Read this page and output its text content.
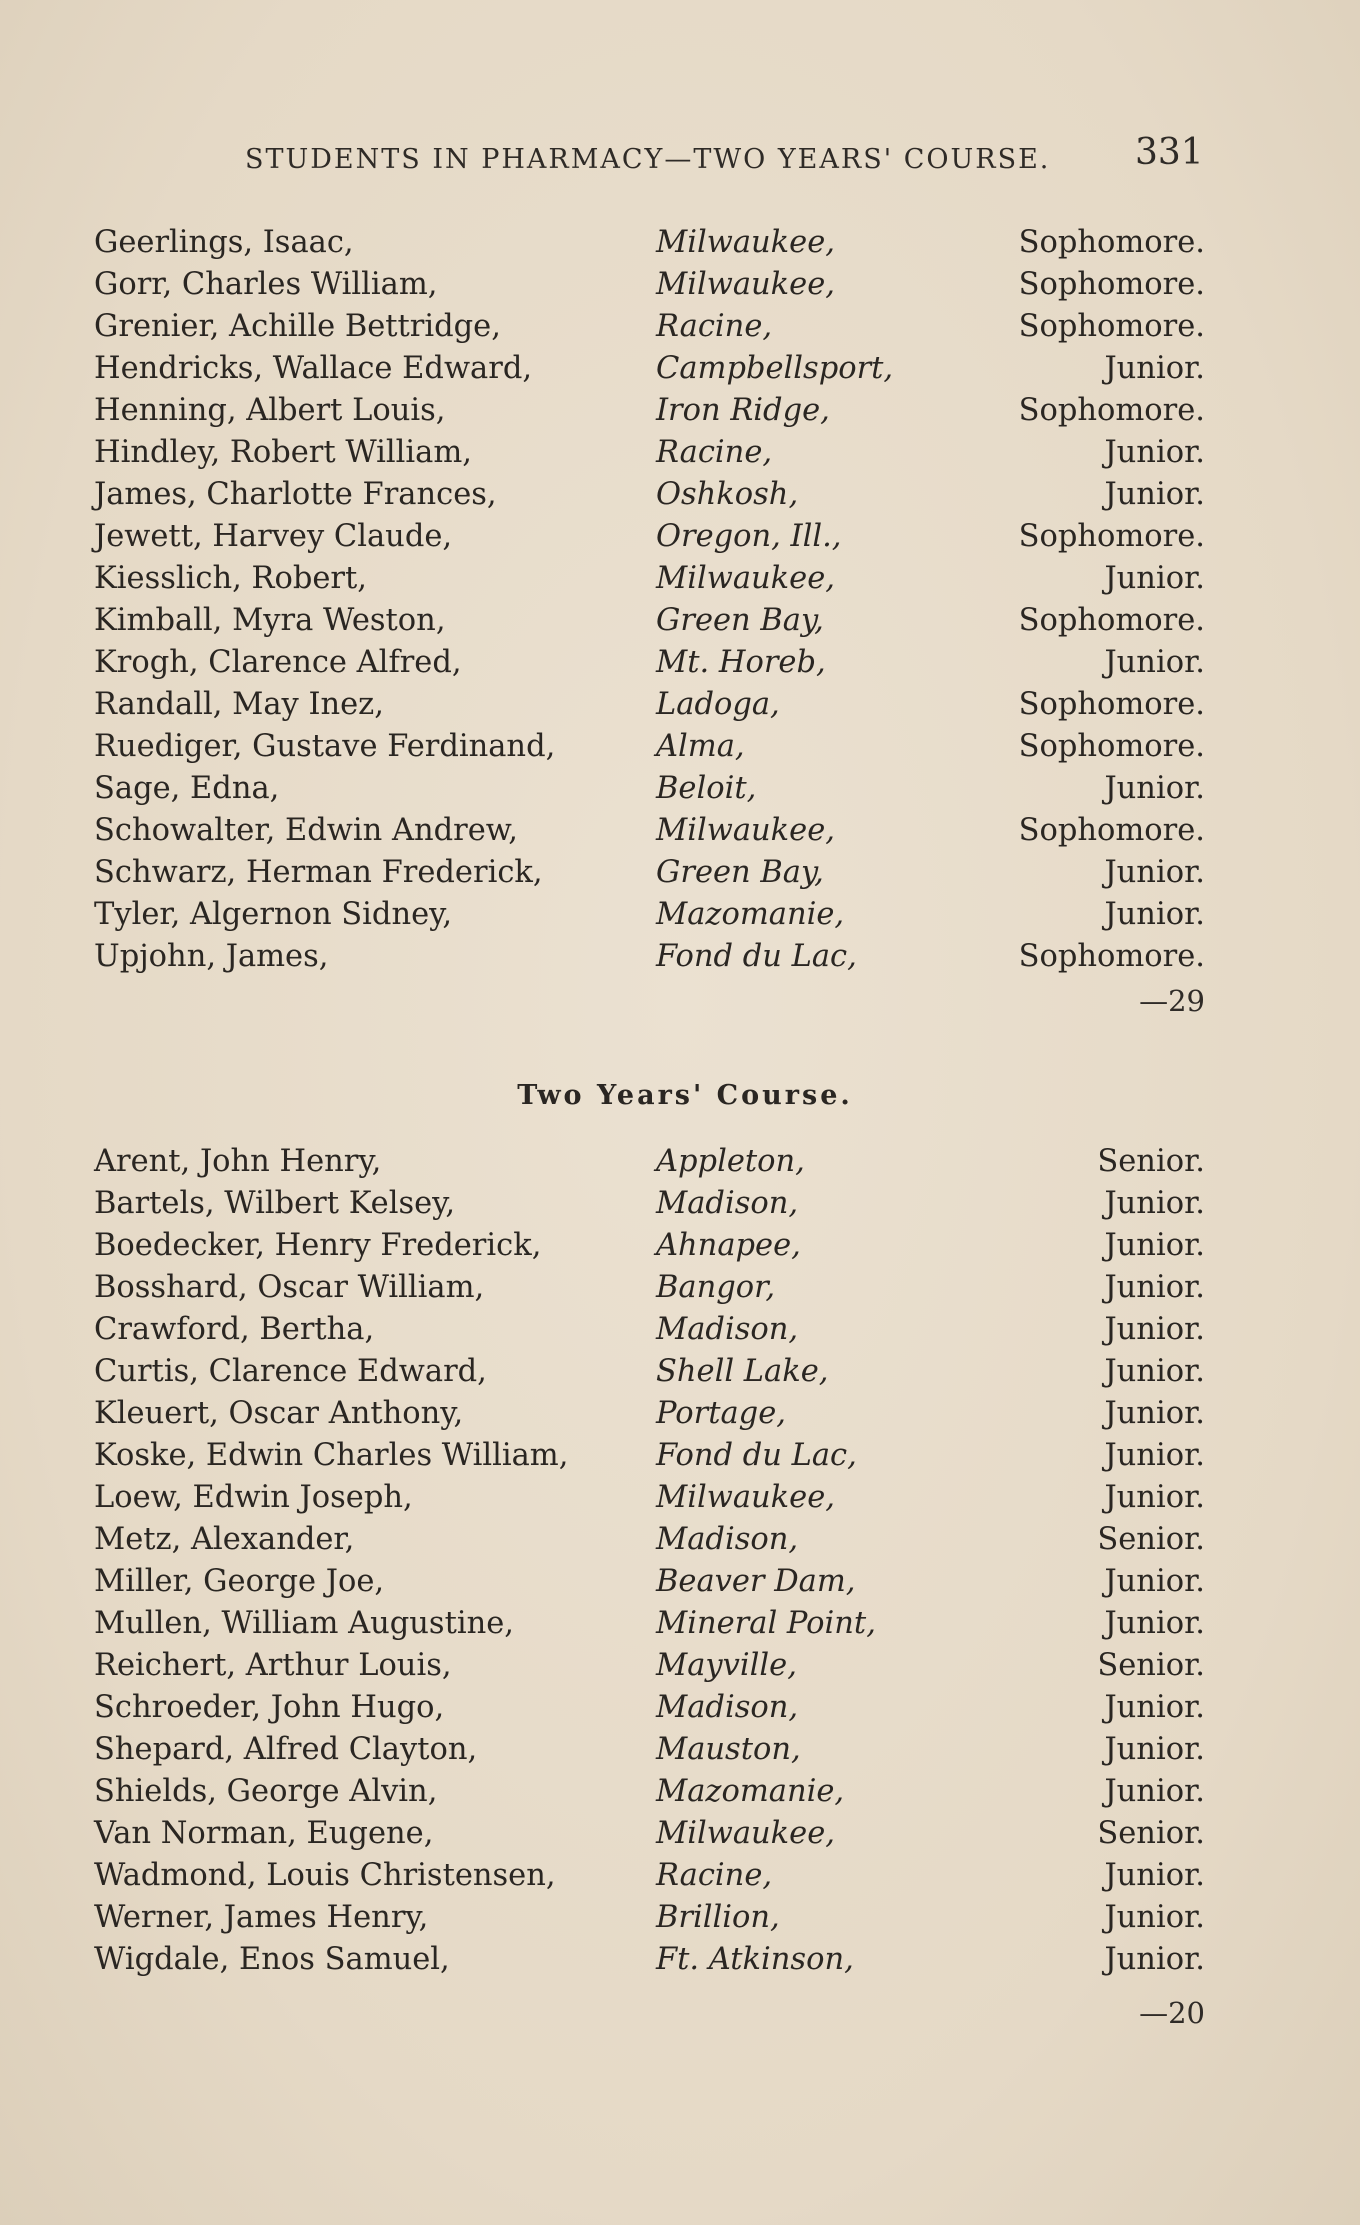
STUDENTS IN PHARMACY—TWO YEARS' COURSE. 331
Geerlings, Isaac,	Milwaukee,	Sophomore.
Gorr, Charles William,	Milwaukee,	Sophomore.
Grenier, Achille Bettridge,	Racine,	Sophomore.
Hendricks, Wallace Edward,	Campbellsport,	Junior.
Henning, Albert Louis,	Iron Ridge,	Sophomore.
Hindley, Robert William,	Racine,	Junior.
James, Charlotte Frances,	Oshkosh,	Junior.
Jewett, Harvey Claude,	Oregon, Ill.,	Sophomore.
Kiesslich, Robert,	Milwaukee,	Junior.
Kimball, Myra Weston,	Green Bay,	Sophomore.
Krogh, Clarence Alfred,	Mt. Horeb,	Junior.
Randall, May Inez,	Ladoga,	Sophomore.
Ruediger, Gustave Ferdinand,	Alma,	Sophomore.
Sage, Edna,	Beloit,	Junior.
Schowalter, Edwin Andrew,	Milwaukee,	Sophomore.
Schwarz, Herman Frederick,	Green Bay,	Junior.
Tyler, Algernon Sidney,	Mazomanie,	Junior.
Upjohn, James,	Fond du Lac,	Sophomore.
—29
Two Years' Course.
Arent, John Henry,	Appleton,	Senior.
Bartels, Wilbert Kelsey,	Madison,	Junior.
Boedecker, Henry Frederick,	Ahnapee,	Junior.
Bosshard, Oscar William,	Bangor,	Junior.
Crawford, Bertha,	Madison,	Junior.
Curtis, Clarence Edward,	Shell Lake,	Junior.
Kleuert, Oscar Anthony,	Portage,	Junior.
Koske, Edwin Charles William,	Fond du Lac,	Junior.
Loew, Edwin Joseph,	Milwaukee,	Junior.
Metz, Alexander,	Madison,	Senior.
Miller, George Joe,	Beaver Dam,	Junior.
Mullen, William Augustine,	Mineral Point,	Junior.
Reichert, Arthur Louis,	Mayville,	Senior.
Schroeder, John Hugo,	Madison,	Junior.
Shepard, Alfred Clayton,	Mauston,	Junior.
Shields, George Alvin,	Mazomanie,	Junior.
Van Norman, Eugene,	Milwaukee,	Senior.
Wadmond, Louis Christensen,	Racine,	Junior.
Werner, James Henry,	Brillion,	Junior.
Wigdale, Enos Samuel,	Ft. Atkinson,	Junior.
—20
